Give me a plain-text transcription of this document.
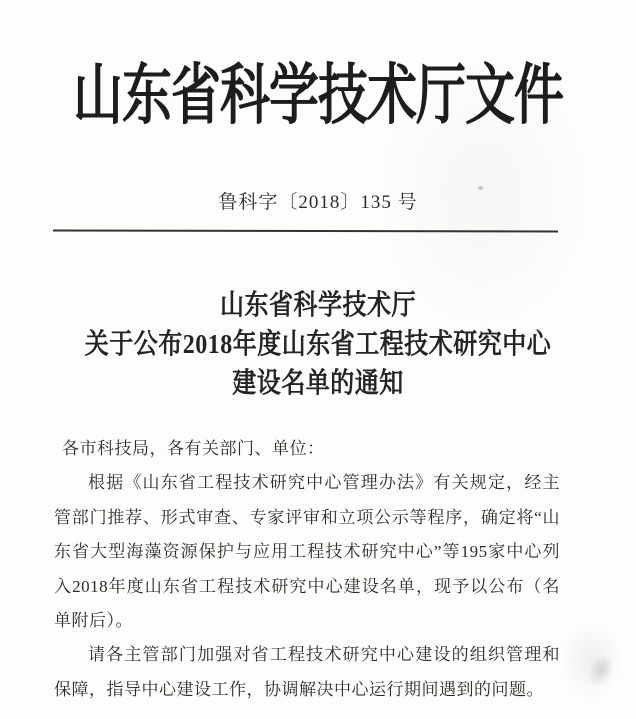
山东省科学技术厅文件
鲁科字〔2018〕135 号
山东省科学技术厅
关于公布2018年度山东省工程技术研究中心
建设名单的通知
各市科技局，各有关部门、单位：
根据《山东省工程技术研究中心管理办法》有关规定，经主
管部门推荐、形式审查、专家评审和立项公示等程序，确定将“山
东省大型海藻资源保护与应用工程技术研究中心”等195家中心列
入2018年度山东省工程技术研究中心建设名单，现予以公布（名
单附后）。
请各主管部门加强对省工程技术研究中心建设的组织管理和
保障，指导中心建设工作，协调解决中心运行期间遇到的问题。
